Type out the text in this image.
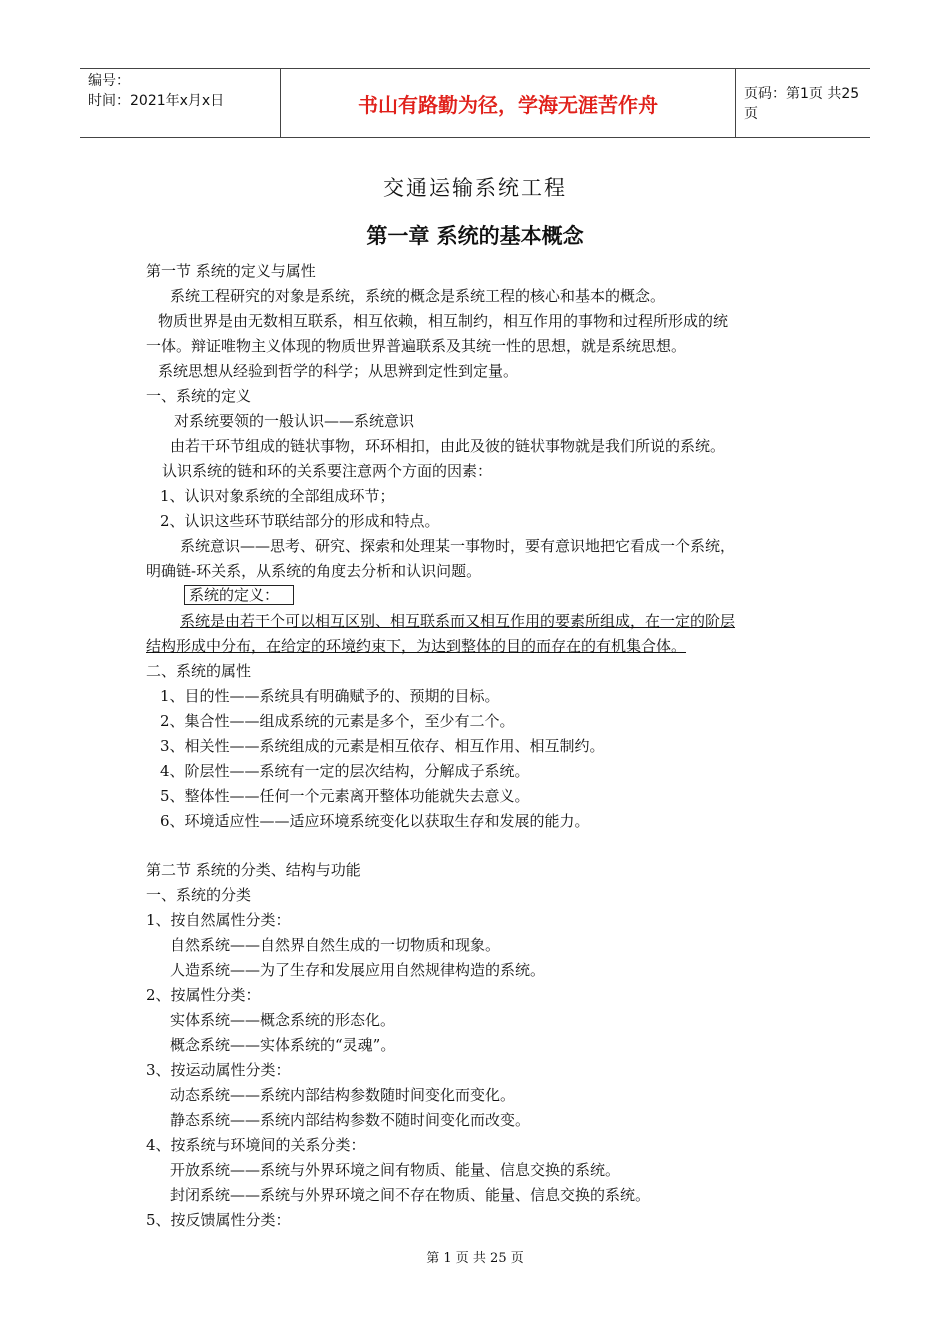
编号：
时间：2021年x月x日	书山有路勤为径，学海无涯苦作舟	页码：第1页 共25页
交通运输系统工程
第一章 系统的基本概念
第一节 系统的定义与属性
系统工程研究的对象是系统，系统的概念是系统工程的核心和基本的概念。
物质世界是由无数相互联系，相互依赖，相互制约，相互作用的事物和过程所形成的统
一体。辩证唯物主义体现的物质世界普遍联系及其统一性的思想，就是系统思想。
系统思想从经验到哲学的科学；从思辨到定性到定量。
一、系统的定义
对系统要领的一般认识——系统意识
由若干环节组成的链状事物，环环相扣，由此及彼的链状事物就是我们所说的系统。
认识系统的链和环的关系要注意两个方面的因素：
1、认识对象系统的全部组成环节；
2、认识这些环节联结部分的形成和特点。
系统意识——思考、研究、探索和处理某一事物时，要有意识地把它看成一个系统，
明确链-环关系，从系统的角度去分析和认识问题。
系统的定义：
系统是由若干个可以相互区别、相互联系而又相互作用的要素所组成，在一定的阶层
结构形成中分布，在给定的环境约束下，为达到整体的目的而存在的有机集合体。
二、系统的属性
1、目的性——系统具有明确赋予的、预期的目标。
2、集合性——组成系统的元素是多个，至少有二个。
3、相关性——系统组成的元素是相互依存、相互作用、相互制约。
4、阶层性——系统有一定的层次结构，分解成子系统。
5、整体性——任何一个元素离开整体功能就失去意义。
6、环境适应性——适应环境系统变化以获取生存和发展的能力。
第二节 系统的分类、结构与功能
一、系统的分类
1、按自然属性分类：
自然系统——自然界自然生成的一切物质和现象。
人造系统——为了生存和发展应用自然规律构造的系统。
2、按属性分类：
实体系统——概念系统的形态化。
概念系统——实体系统的“灵魂”。
3、按运动属性分类：
动态系统——系统内部结构参数随时间变化而变化。
静态系统——系统内部结构参数不随时间变化而改变。
4、按系统与环境间的关系分类：
开放系统——系统与外界环境之间有物质、能量、信息交换的系统。
封闭系统——系统与外界环境之间不存在物质、能量、信息交换的系统。
5、按反馈属性分类：
第 1 页 共 25 页
